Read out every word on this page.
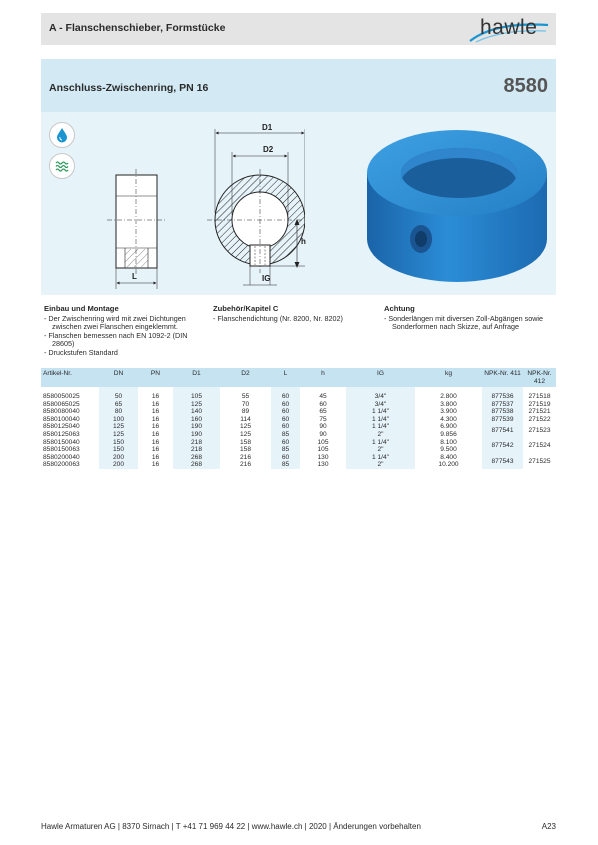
A - Flanschenschieber, Formstücke	hawle
Anschluss-Zwischenring, PN 16	8580
L
D1
D2
IG
h
Einbau und Montage
- Der Zwischenring wird mit zwei Dichtungen zwischen zwei Flanschen eingeklemmt.
- Flanschen bemessen nach EN 1092-2 (DIN 28605)
- Druckstufen Standard
Zubehör/Kapitel C
- Flanschendichtung (Nr. 8200, Nr. 8202)
Achtung
- Sonderlängen mit diversen Zoll-Abgängen sowie Sonderformen nach Skizze, auf Anfrage
Artikel-Nr.	DN	PN	D1	D2	L	h	IG	kg	NPK-Nr. 411	NPK-Nr. 412

8580050025	50	16	105	55	60	45	3/4"	2.800	877536	271518
8580065025	65	16	125	70	60	60	3/4"	3.800	877537	271519
8580080040	80	16	140	89	60	65	1 1/4"	3.900	877538	271521
8580100040	100	16	160	114	60	75	1 1/4"	4.300	877539	271522
8580125040	125	16	190	125	60	90	1 1/4"	6.900	877541	271523
8580125063	125	16	190	125	85	90	2"	9.856		
8580150040	150	16	218	158	60	105	1 1/4"	8.100	877542	271524
8580150063	150	16	218	158	85	105	2"	9.500		
8580200040	200	16	268	216	60	130	1 1/4"	8.400	877543	271525
8580200063	200	16	268	216	85	130	2"	10.200		
Hawle Armaturen AG | 8370 Sirnach | T +41 71 969 44 22 | www.hawle.ch | 2020 | Änderungen vorbehalten	A23
